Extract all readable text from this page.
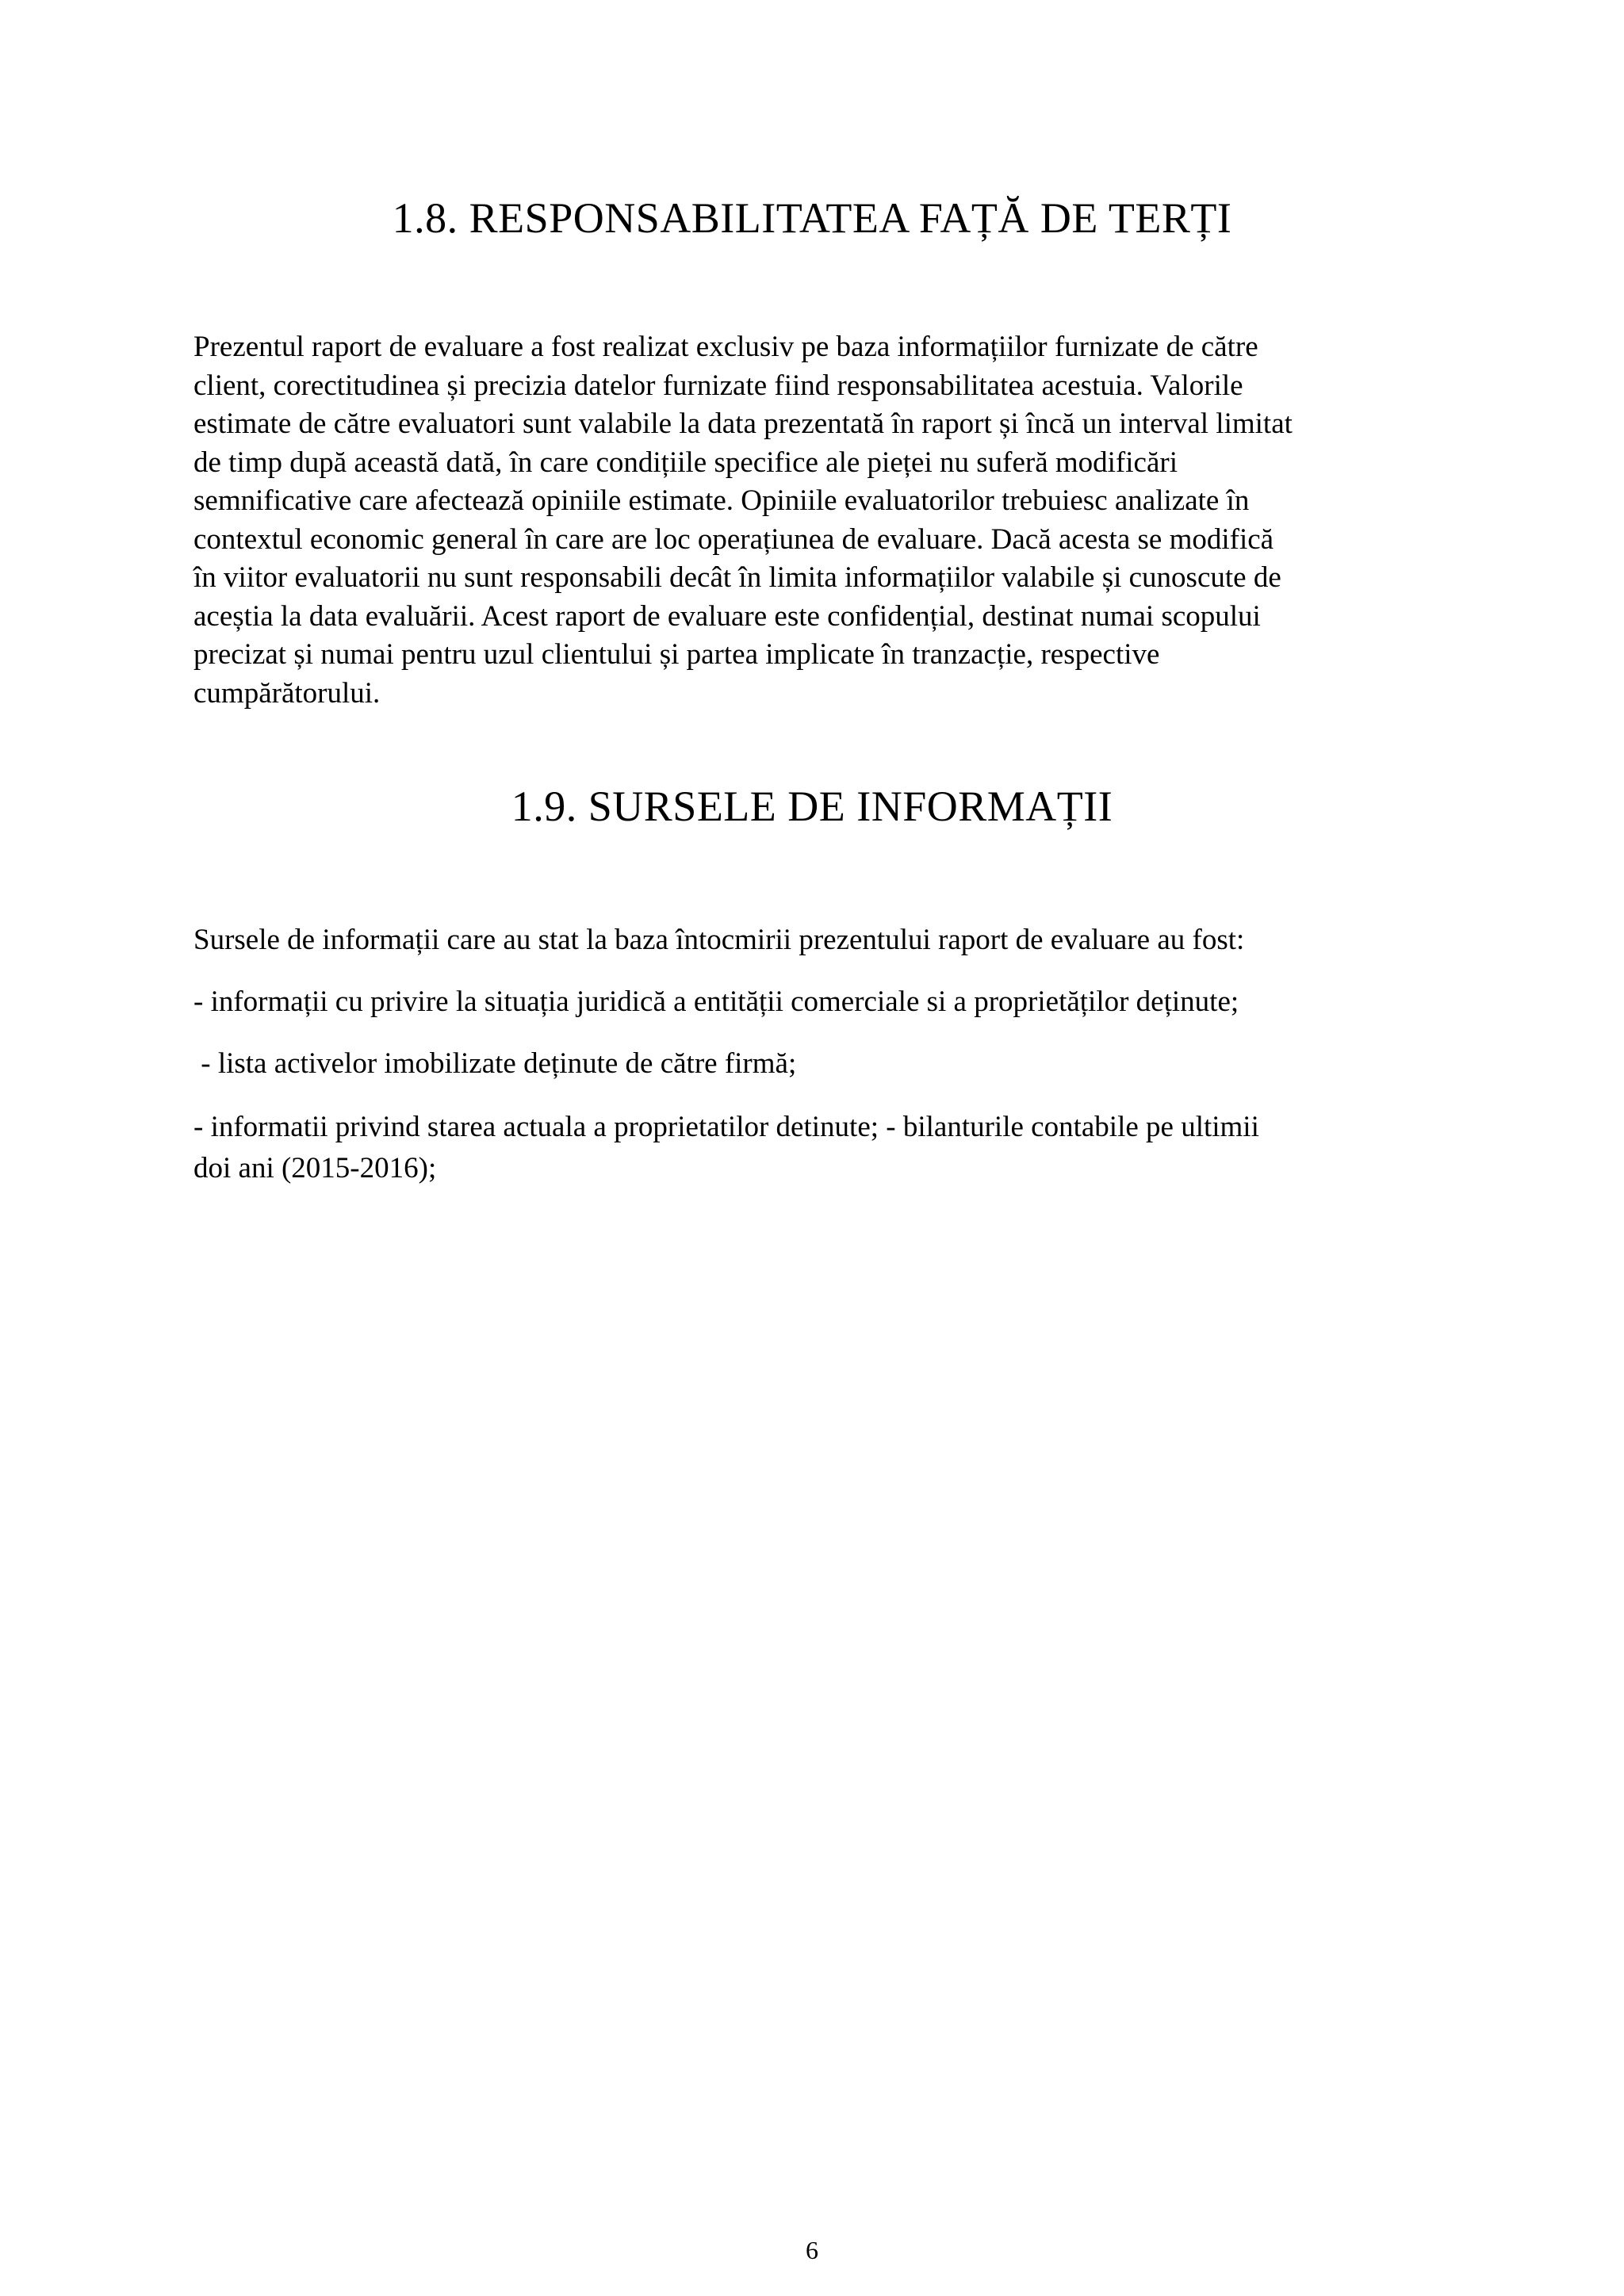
1.8. RESPONSABILITATEA FAȚĂ DE TERȚI
Prezentul raport de evaluare a fost realizat exclusiv pe baza informațiilor furnizate de către
client, corectitudinea și precizia datelor furnizate fiind responsabilitatea acestuia. Valorile
estimate de către evaluatori sunt valabile la data prezentată în raport și încă un interval limitat
de timp după această dată, în care condițiile specifice ale pieței nu suferă modificări
semnificative care afectează opiniile estimate. Opiniile evaluatorilor trebuiesc analizate în
contextul economic general în care are loc operațiunea de evaluare. Dacă acesta se modifică
în viitor evaluatorii nu sunt responsabili decât în limita informațiilor valabile și cunoscute de
aceștia la data evaluării. Acest raport de evaluare este confidențial, destinat numai scopului
precizat și numai pentru uzul clientului și partea implicate în tranzacție, respective
cumpărătorului.
1.9. SURSELE DE INFORMAȚII

Sursele de informații care au stat la baza întocmirii prezentului raport de evaluare au fost:

- informații cu privire la situația juridică a entității comerciale si a proprietăților deținute;

- lista activelor imobilizate deținute de către firmă;

- informatii privind starea actuala a proprietatilor detinute; - bilanturile contabile pe ultimii

doi ani (2015-2016);

6
